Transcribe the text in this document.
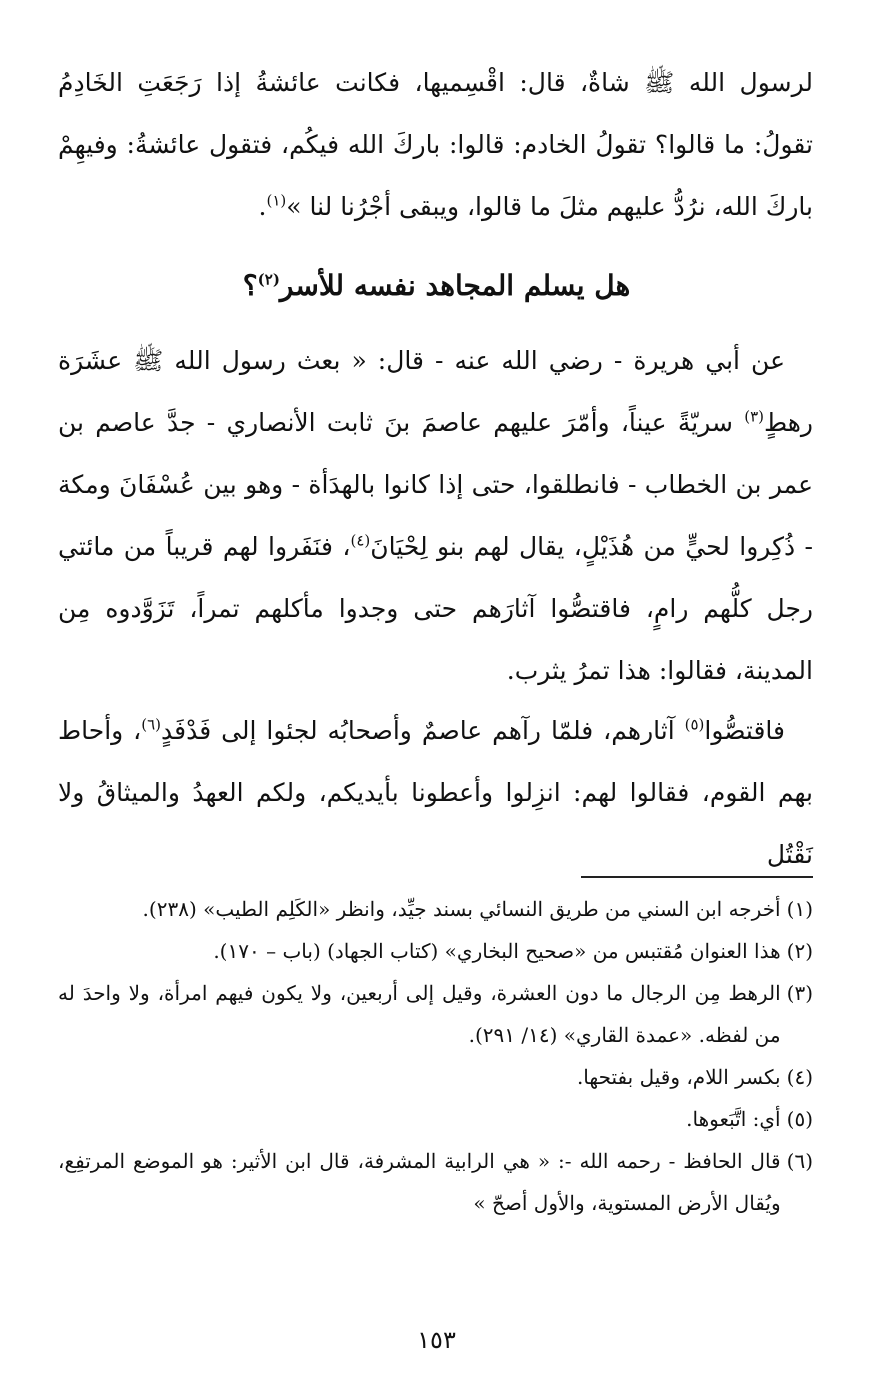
لرسول الله ﷺ شاةٌ، قال: اقْسِميها، فكانت عائشةُ إذا رَجَعَتِ الخَادِمُ تقولُ: ما قالوا؟ تقولُ الخادم: قالوا: باركَ الله فيكُم، فتقول عائشةُ: وفيهِمْ باركَ الله، نرُدُّ عليهم مثلَ ما قالوا، ويبقى أجْرُنا لنا »$^{(١)}$.

هل يسلم المجاهد نفسه للأسر$^{(٢)}$؟

عن أبي هريرة - رضي الله عنه - قال: « بعث رسول الله ﷺ عشَرَة رهطٍ$^{(٣)}$ سريّةً عيناً، وأمّرَ عليهم عاصمَ بنَ ثابت الأنصاري - جدَّ عاصم بن عمر بن الخطاب - فانطلقوا، حتى إذا كانوا بالهدَأة - وهو بين عُسْفَانَ ومكة - ذُكِروا لحيٍّ من هُذَيْلٍ، يقال لهم بنو لِحْيَانَ$^{(٤)}$، فنَفَروا لهم قريباً من مائتي رجل كلُّهم رامٍ، فاقتصُّوا آثارَهم حتى وجدوا مأكلهم تمراً، تَزَوَّدوه مِن المدينة، فقالوا: هذا تمرُ يثرب.

فاقتصُّوا$^{(٥)}$ آثارهم، فلمّا رآهم عاصمٌ وأصحابُه لجئوا إلى فَدْفَدٍ$^{(٦)}$، وأحاط بهم القوم، فقالوا لهم: انزِلوا وأعطونا بأيديكم، ولكم العهدُ والميثاقُ ولا نَقْتُل

(١)
أخرجه ابن السني من طريق النسائي بسند جيِّد، وانظر «الكَلِم الطيب» (٢٣٨).
(٢)
هذا العنوان مُقتبس من «صحيح البخاري» (كتاب الجهاد) (باب – ١٧٠).
(٣)
الرهط مِن الرجال ما دون العشرة، وقيل إلى أربعين، ولا يكون فيهم امرأة، ولا واحدَ له من لفظه. «عمدة القاري» (١٤/ ٢٩١).
(٤)
بكسر اللام، وقيل بفتحها.
(٥)
أي: اتَّبَعوها.
(٦)
قال الحافظ - رحمه الله -: « هي الرابية المشرفة، قال ابن الأثير: هو الموضع المرتفِع، ويُقال الأرض المستوية، والأول أصحّ »
١٥٣
